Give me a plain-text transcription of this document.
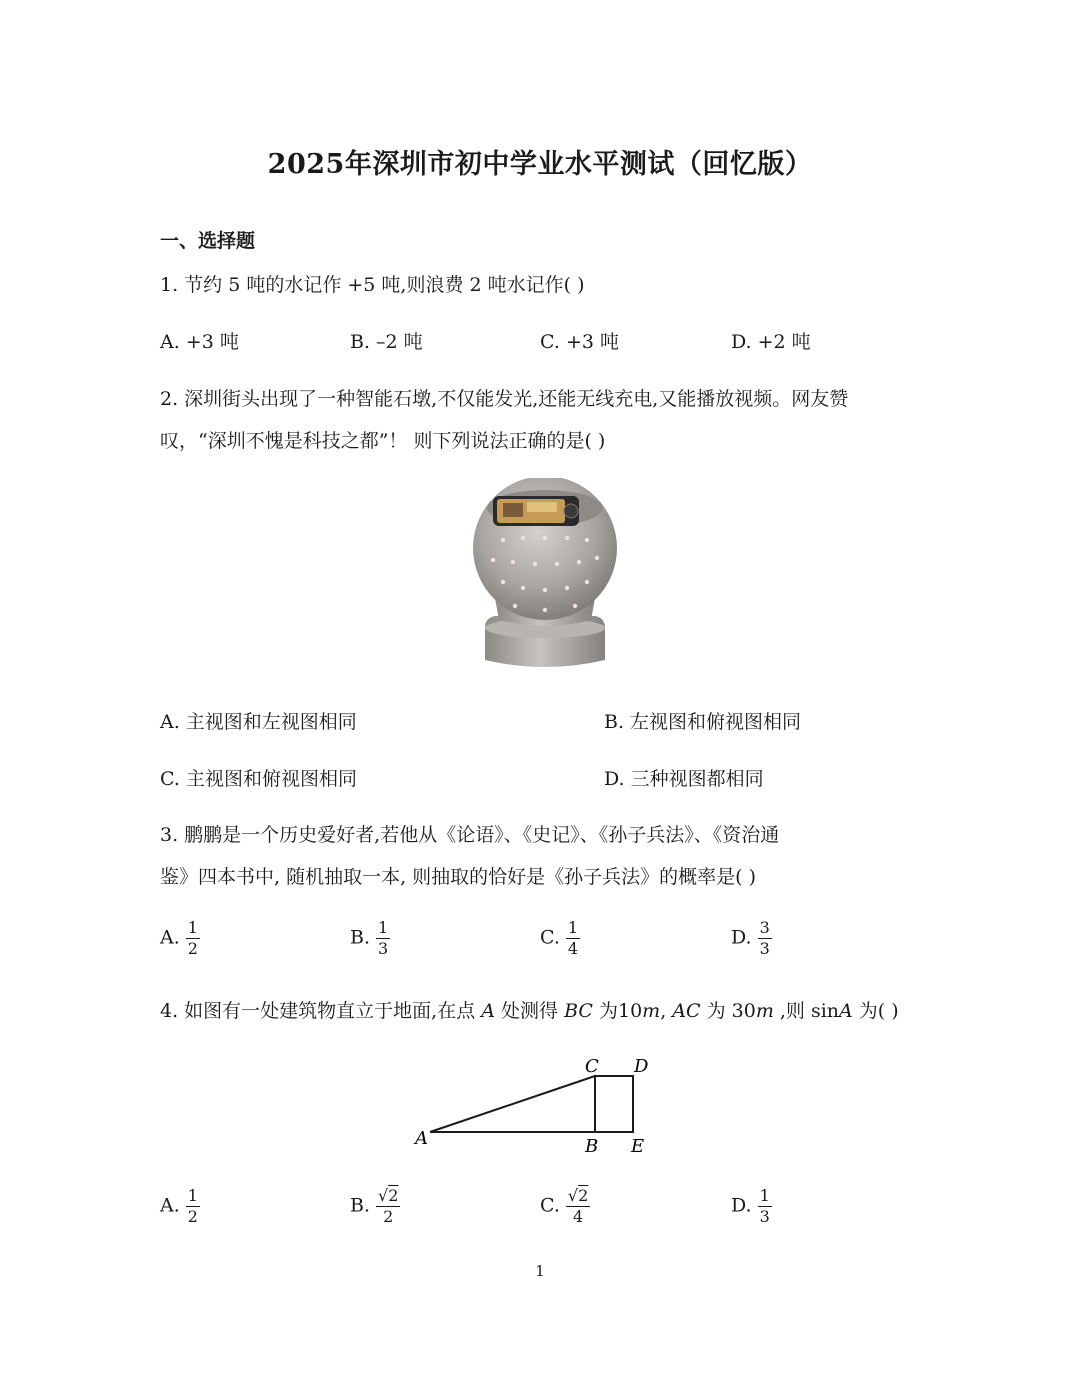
2025年深圳市初中学业水平测试（回忆版）
一、选择题
1. 节约 5 吨的水记作 +5 吨,则浪费 2 吨水记作( )
A. +3 吨	B. –2 吨	C. +3 吨	D. +2 吨
2. 深圳街头出现了一种智能石墩,不仅能发光,还能无线充电,又能播放视频。网友赞
叹，“深圳不愧是科技之都”！ 则下列说法正确的是( )
A. 主视图和左视图相同	B. 左视图和俯视图相同
C. 主视图和俯视图相同	D. 三种视图都相同
3. 鹏鹏是一个历史爱好者,若他从《论语》、《史记》、《孙子兵法》、《资治通
鉴》四本书中, 随机抽取一本, 则抽取的恰好是《孙子兵法》的概率是( )
A. $\frac{1}{2}$	B. $\frac{1}{3}$	C. $\frac{1}{4}$	D. $\frac{3}{3}$
4. 如图有一处建筑物直立于地面,在点 A 处测得 BC 为10m, AC 为 30m ,则 sinA 为( )
A	B
C D
E
A. $\frac{1}{2}$	B. $\frac{√2}{2}$	C. $\frac{√2}{4}$	D. $\frac{1}{3}$
1
